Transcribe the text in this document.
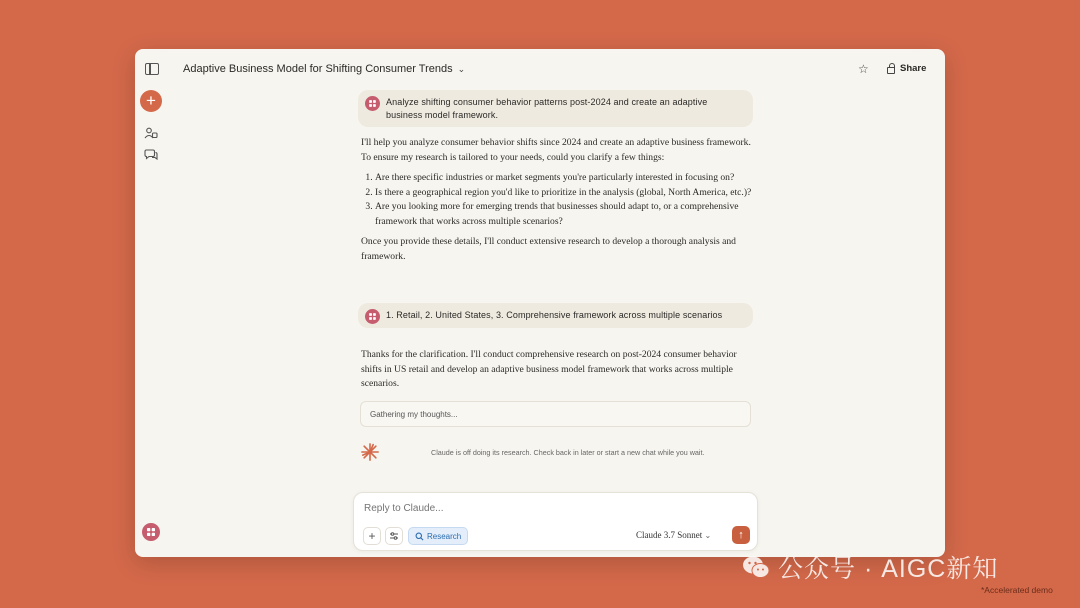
Adaptive Business Model for Shifting Consumer Trends ⌄	☆	Share
+	Analyze shifting consumer behavior patterns post-2024 and create an adaptive business model framework.

I'll help you analyze consumer behavior shifts since 2024 and create an adaptive business framework. To ensure my research is tailored to your needs, could you clarify a few things:

1. Are there specific industries or market segments you're particularly interested in focusing on?
2. Is there a geographical region you'd like to prioritize in the analysis (global, North America, etc.)?
3. Are you looking more for emerging trends that businesses should adapt to, or a comprehensive framework that works across multiple scenarios?

Once you provide these details, I'll conduct extensive research to develop a thorough analysis and framework.

1. Retail, 2. United States, 3. Comprehensive framework across multiple scenarios

Thanks for the clarification. I'll conduct comprehensive research on post-2024 consumer behavior shifts in US retail and develop an adaptive business model framework that works across multiple scenarios.

Gathering my thoughts...
Claude is off doing its research. Check back in later or start a new chat while you wait.
Reply to Claude...
+	Research	Claude 3.7 Sonnet ⌄	↑
公众号 · AIGC新知
*Accelerated demo
